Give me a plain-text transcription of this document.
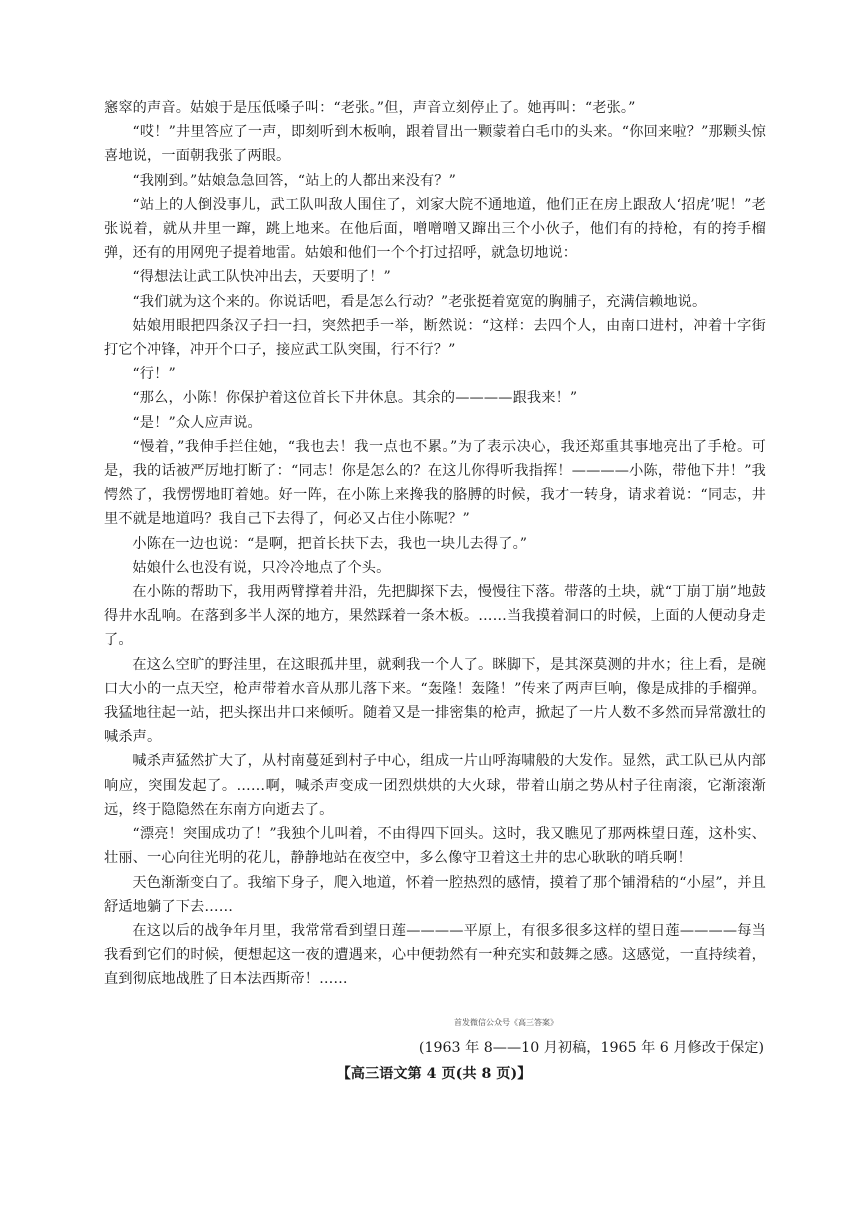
窸窣的声音。姑娘于是压低嗓子叫：“老张。”但，声音立刻停止了。她再叫：“老张。”

“哎！”井里答应了一声，即刻听到木板响，跟着冒出一颗蒙着白毛巾的头来。“你回来啦？”那颗头惊喜地说，一面朝我张了两眼。

“我刚到。”姑娘急急回答，“站上的人都出来没有？”

“站上的人倒没事儿，武工队叫敌人围住了，刘家大院不通地道，他们正在房上跟敌人‘招虎’呢！”老张说着，就从井里一蹿，跳上地来。在他后面，噌噌噌又蹿出三个小伙子，他们有的持枪，有的挎手榴弹，还有的用网兜子提着地雷。姑娘和他们一个个打过招呼，就急切地说：

“得想法让武工队快冲出去，天要明了！”

“我们就为这个来的。你说话吧，看是怎么行动？”老张挺着宽宽的胸脯子，充满信赖地说。

姑娘用眼把四条汉子扫一扫，突然把手一举，断然说：“这样：去四个人，由南口进村，冲着十字街打它个冲锋，冲开个口子，接应武工队突围，行不行？”

“行！”

“那么，小陈！你保护着这位首长下井休息。其余的————跟我来！”

“是！”众人应声说。

“慢着，”我伸手拦住她，“我也去！我一点也不累。”为了表示决心，我还郑重其事地亮出了手枪。可是，我的话被严厉地打断了：“同志！你是怎么的？在这儿你得听我指挥！————小陈，带他下井！”我愕然了，我愣愣地盯着她。好一阵，在小陈上来搀我的胳膊的时候，我才一转身，请求着说：“同志，井里不就是地道吗？我自己下去得了，何必又占住小陈呢？”

小陈在一边也说：“是啊，把首长扶下去，我也一块儿去得了。”

姑娘什么也没有说，只冷冷地点了个头。

在小陈的帮助下，我用两臂撑着井沿，先把脚探下去，慢慢往下落。带落的土块，就“丁崩丁崩”地鼓得井水乱响。在落到多半人深的地方，果然踩着一条木板。……当我摸着洞口的时候，上面的人便动身走了。

在这么空旷的野洼里，在这眼孤井里，就剩我一个人了。眯脚下，是其深莫测的井水；往上看，是碗口大小的一点天空，枪声带着水音从那儿落下来。“轰隆！轰隆！”传来了两声巨响，像是成排的手榴弹。我猛地往起一站，把头探出井口来倾听。随着又是一排密集的枪声，掀起了一片人数不多然而异常激壮的喊杀声。

喊杀声猛然扩大了，从村南蔓延到村子中心，组成一片山呼海啸般的大发作。显然，武工队已从内部响应，突围发起了。……啊，喊杀声变成一团烈烘烘的大火球，带着山崩之势从村子往南滚，它渐滚渐远，终于隐隐然在东南方向逝去了。

“漂亮！突围成功了！”我独个儿叫着，不由得四下回头。这时，我又瞧见了那两株望日莲，这朴实、壮丽、一心向往光明的花儿，静静地站在夜空中，多么像守卫着这土井的忠心耿耿的哨兵啊！

天色渐渐变白了。我缩下身子，爬入地道，怀着一腔热烈的感情，摸着了那个铺滑秸的“小屋”，并且舒适地躺了下去……

在这以后的战争年月里，我常常看到望日莲————平原上，有很多很多这样的望日莲————每当我看到它们的时候，便想起这一夜的遭遇来，心中便勃然有一种充实和鼓舞之感。这感觉，一直持续着，直到彻底地战胜了日本法西斯帝！……

首发微信公众号《高三答案》
(1963 年 8——10 月初稿，1965 年 6 月修改于保定)
【高三语文第 4 页(共 8 页)】
